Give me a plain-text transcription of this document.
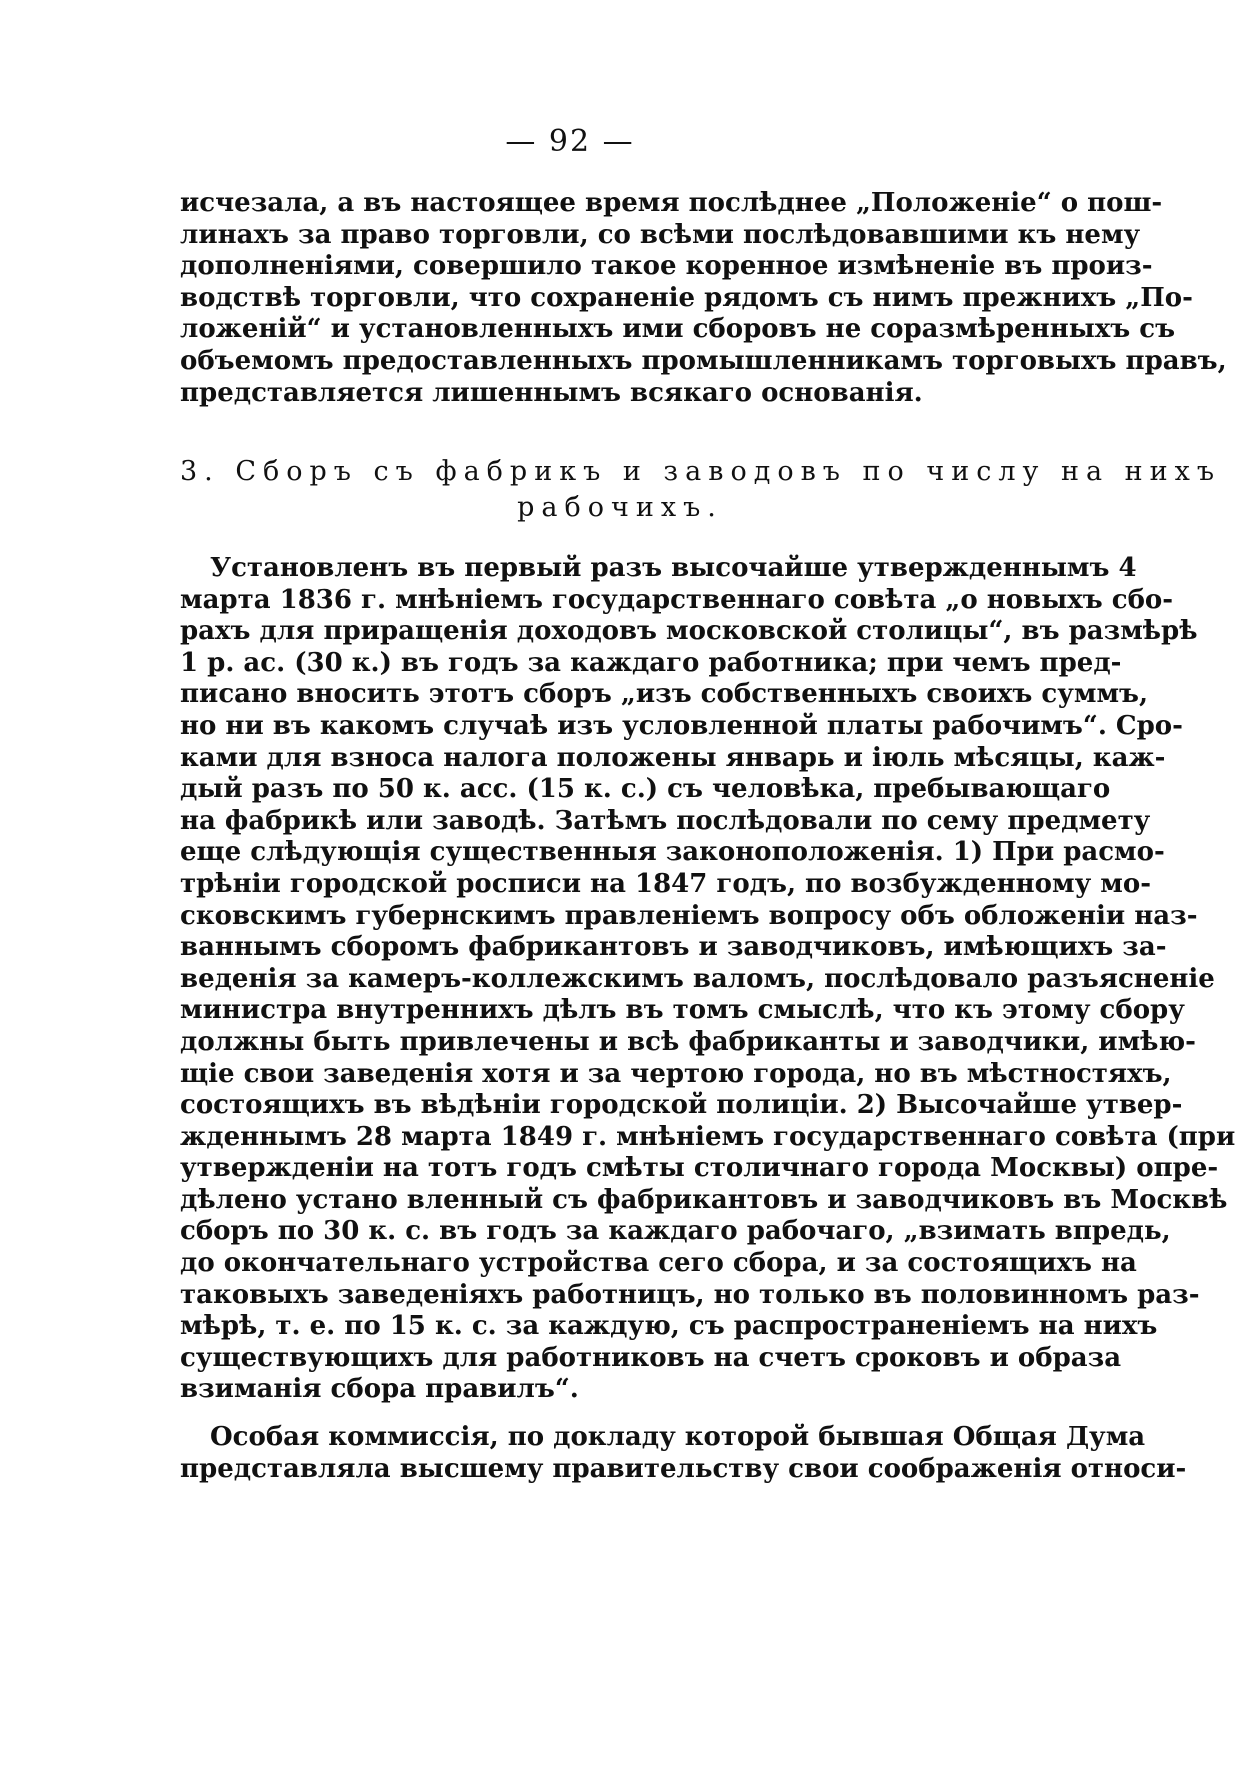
— 92 —
исчезала, а въ настоящее время послѣднее „Положеніе“ о пош-
линахъ за право торговли, со всѣми послѣдовавшими къ нему
дополненіями, совершило такое коренное измѣненіе въ произ-
водствѣ торговли, что сохраненіе рядомъ съ нимъ прежнихъ „По-
ложеній“ и установленныхъ ими сборовъ не соразмѣренныхъ съ
объемомъ предоставленныхъ промышленникамъ торговыхъ правъ,
представляется лишеннымъ всякаго основанія.
3. Сборъ съ фабрикъ и заводовъ по числу на нихъ
рабочихъ.
Установленъ въ первый разъ высочайше утвержденнымъ 4
марта 1836 г. мнѣніемъ государственнаго совѣта „о новыхъ сбо-
рахъ для приращенія доходовъ московской столицы“, въ размѣрѣ
1 р. ас. (30 к.) въ годъ за каждаго работника; при чемъ пред-
писано вносить этотъ сборъ „изъ собственныхъ своихъ суммъ,
но ни въ какомъ случаѣ изъ условленной платы рабочимъ“. Сро-
ками для взноса налога положены январь и іюль мѣсяцы, каж-
дый разъ по 50 к. асс. (15 к. с.) съ человѣка, пребывающаго
на фабрикѣ или заводѣ. Затѣмъ послѣдовали по сему предмету
еще слѣдующія существенныя законоположенія. 1) При расмо-
трѣніи городской росписи на 1847 годъ, по возбужденному мо-
сковскимъ губернскимъ правленіемъ вопросу объ обложеніи наз-
ваннымъ сборомъ фабрикантовъ и заводчиковъ, имѣющихъ за-
веденія за камеръ-коллежскимъ валомъ, послѣдовало разъясненіе
министра внутреннихъ дѣлъ въ томъ смыслѣ, что къ этому сбору
должны быть привлечены и всѣ фабриканты и заводчики, имѣю-
щіе свои заведенія хотя и за чертою города, но въ мѣстностяхъ,
состоящихъ въ вѣдѣніи городской полиціи. 2) Высочайше утвер-
жденнымъ 28 марта 1849 г. мнѣніемъ государственнаго совѣта (при
утвержденіи на тотъ годъ смѣты столичнаго города Москвы) опре-
дѣлено устано вленный съ фабрикантовъ и заводчиковъ въ Москвѣ
сборъ по 30 к. с. въ годъ за каждаго рабочаго, „взимать впредь,
до окончательнаго устройства сего сбора, и за состоящихъ на
таковыхъ заведеніяхъ работницъ, но только въ половинномъ раз-
мѣрѣ, т. е. по 15 к. с. за каждую, съ распространеніемъ на нихъ
существующихъ для работниковъ на счетъ сроковъ и образа
взиманія сбора правилъ“.
Особая коммиссія, по докладу которой бывшая Общая Дума
представляла высшему правительству свои соображенія относи-
